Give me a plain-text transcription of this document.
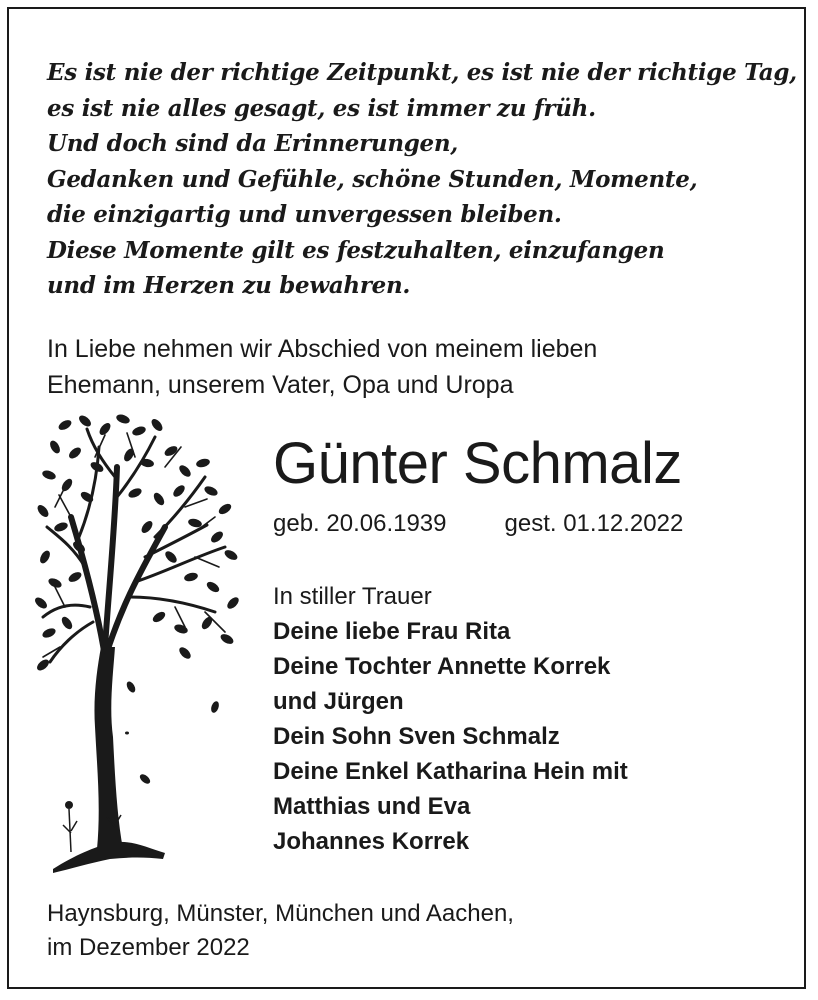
Es ist nie der richtige Zeitpunkt, es ist nie der richtige Tag,
es ist nie alles gesagt, es ist immer zu früh.
Und doch sind da Erinnerungen,
Gedanken und Gefühle, schöne Stunden, Momente,
die einzigartig und unvergessen bleiben.
Diese Momente gilt es festzuhalten, einzufangen
und im Herzen zu bewahren.
In Liebe nehmen wir Abschied von meinem lieben
Ehemann, unserem Vater, Opa und Uropa
Günter Schmalz
geb. 20.06.1939 gest. 01.12.2022
In stiller Trauer
Deine liebe Frau Rita
Deine Tochter Annette Korrek
und Jürgen
Dein Sohn Sven Schmalz
Deine Enkel Katharina Hein mit
Matthias und Eva
Johannes Korrek
Haynsburg, Münster, München und Aachen,
im Dezember 2022
